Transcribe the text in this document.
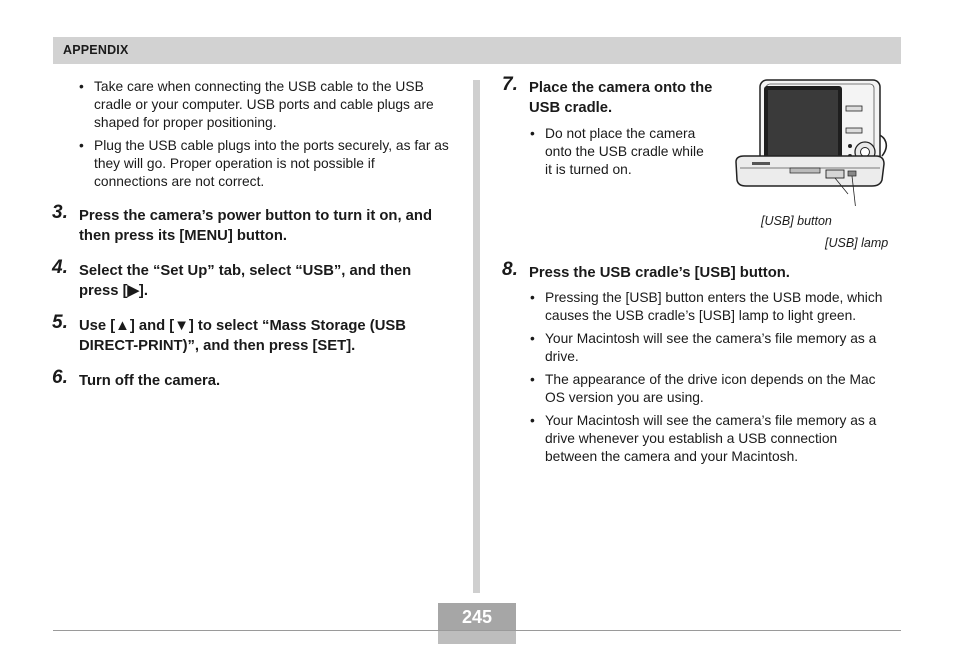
APPENDIX
• Take care when connecting the USB cable to the USB cradle or your computer. USB ports and cable plugs are shaped for proper positioning.
• Plug the USB cable plugs into the ports securely, as far as they will go. Proper operation is not possible if connections are not correct.
3. Press the camera’s power button to turn it on, and then press its [MENU] button.
4. Select the “Set Up” tab, select “USB”, and then press [▶].
5. Use [▲] and [▼] to select “Mass Storage (USB DIRECT-PRINT)”, and then press [SET].
6. Turn off the camera.
7. Place the camera onto the USB cradle.
• Do not place the camera onto the USB cradle while it is turned on.
[USB] button
[USB] lamp
8. Press the USB cradle’s [USB] button.
• Pressing the [USB] button enters the USB mode, which causes the USB cradle’s [USB] lamp to light green.
• Your Macintosh will see the camera’s file memory as a drive.
• The appearance of the drive icon depends on the Mac OS version you are using.
• Your Macintosh will see the camera’s file memory as a drive whenever you establish a USB connection between the camera and your Macintosh.
245
